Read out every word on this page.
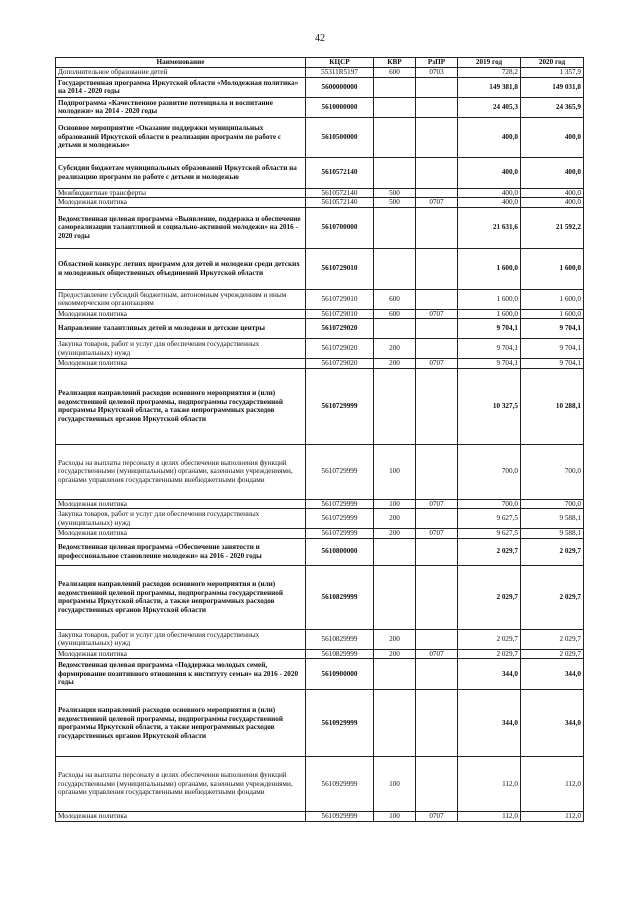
42
Наименование	КЦСР	КВР	РзПР	2019 год	2020 год
Дополнительное образование детей	55311R5197	600	0703	728,2	1 357,9
Государственная программа Иркутской области «Молодежная политика» на 2014 - 2020 годы	5600000000			149 381,8	149 031,8
Подпрограмма «Качественное развитие потенциала и воспитание молодежи» на 2014 - 2020 годы	5610000000			24 405,3	24 365,9
Основное мероприятие «Оказание поддержки муниципальных образований Иркутской области в реализации программ по работе с детьми и молодежью»	5610500000			400,0	400,0
Субсидии бюджетам муниципальных образований Иркутской области на реализацию программ по работе с детьми и молодежью	5610572140			400,0	400,0
Межбюджетные трансферты	5610572140	500		400,0	400,0
Молодежная политика	5610572140	500	0707	400,0	400,0
Ведомственная целевая программа «Выявление, поддержка и обеспечение самореализации талантливой и социально-активной молодежи» на 2016 - 2020 годы	5610700000			21 631,6	21 592,2
Областной конкурс летних программ для детей и молодежи среди детских и молодежных общественных объединений Иркутской области	5610729010			1 600,0	1 600,0
Предоставление субсидий бюджетным, автономным учреждениям и иным некоммерческим организациям	5610729010	600		1 600,0	1 600,0
Молодежная политика	5610729010	600	0707	1 600,0	1 600,0
Направление талантливых детей и молодежи в детские центры	5610729020			9 704,1	9 704,1
Закупка товаров, работ и услуг для обеспечения государственных (муниципальных) нужд	5610729020	200		9 704,1	9 704,1
Молодежная политика	5610729020	200	0707	9 704,1	9 704,1
Реализация направлений расходов основного мероприятия и (или) ведомственной целевой программы, подпрограммы государственной программы Иркутской области, а также непрограммных расходов государственных органов Иркутской области	5610729999			10 327,5	10 288,1
Расходы на выплаты персоналу в целях обеспечения выполнения функций государственными (муниципальными) органами, казенными учреждениями, органами управления государственными внебюджетными фондами	5610729999	100		700,0	700,0
Молодежная политика	5610729999	100	0707	700,0	700,0
Закупка товаров, работ и услуг для обеспечения государственных (муниципальных) нужд	5610729999	200		9 627,5	9 588,1
Молодежная политика	5610729999	200	0707	9 627,5	9 588,1
Ведомственная целевая программа «Обеспечение занятости и профессиональное становление молодежи» на 2016 - 2020 годы	5610800000			2 029,7	2 029,7
Реализация направлений расходов основного мероприятия и (или) ведомственной целевой программы, подпрограммы государственной программы Иркутской области, а также непрограммных расходов государственных органов Иркутской области	5610829999			2 029,7	2 029,7
Закупка товаров, работ и услуг для обеспечения государственных (муниципальных) нужд	5610829999	200		2 029,7	2 029,7
Молодежная политика	5610829999	200	0707	2 029,7	2 029,7
Ведомственная целевая программа «Поддержка молодых семей, формирование позитивного отношения к институту семьи» на 2016 - 2020 годы	5610900000			344,0	344,0
Реализация направлений расходов основного мероприятия и (или) ведомственной целевой программы, подпрограммы государственной программы Иркутской области, а также непрограммных расходов государственных органов Иркутской области	5610929999			344,0	344,0
Расходы на выплаты персоналу в целях обеспечения выполнения функций государственными (муниципальными) органами, казенными учреждениями, органами управления государственными внебюджетными фондами	5610929999	100		112,0	112,0
Молодежная политика	5610929999	100	0707	112,0	112,0
